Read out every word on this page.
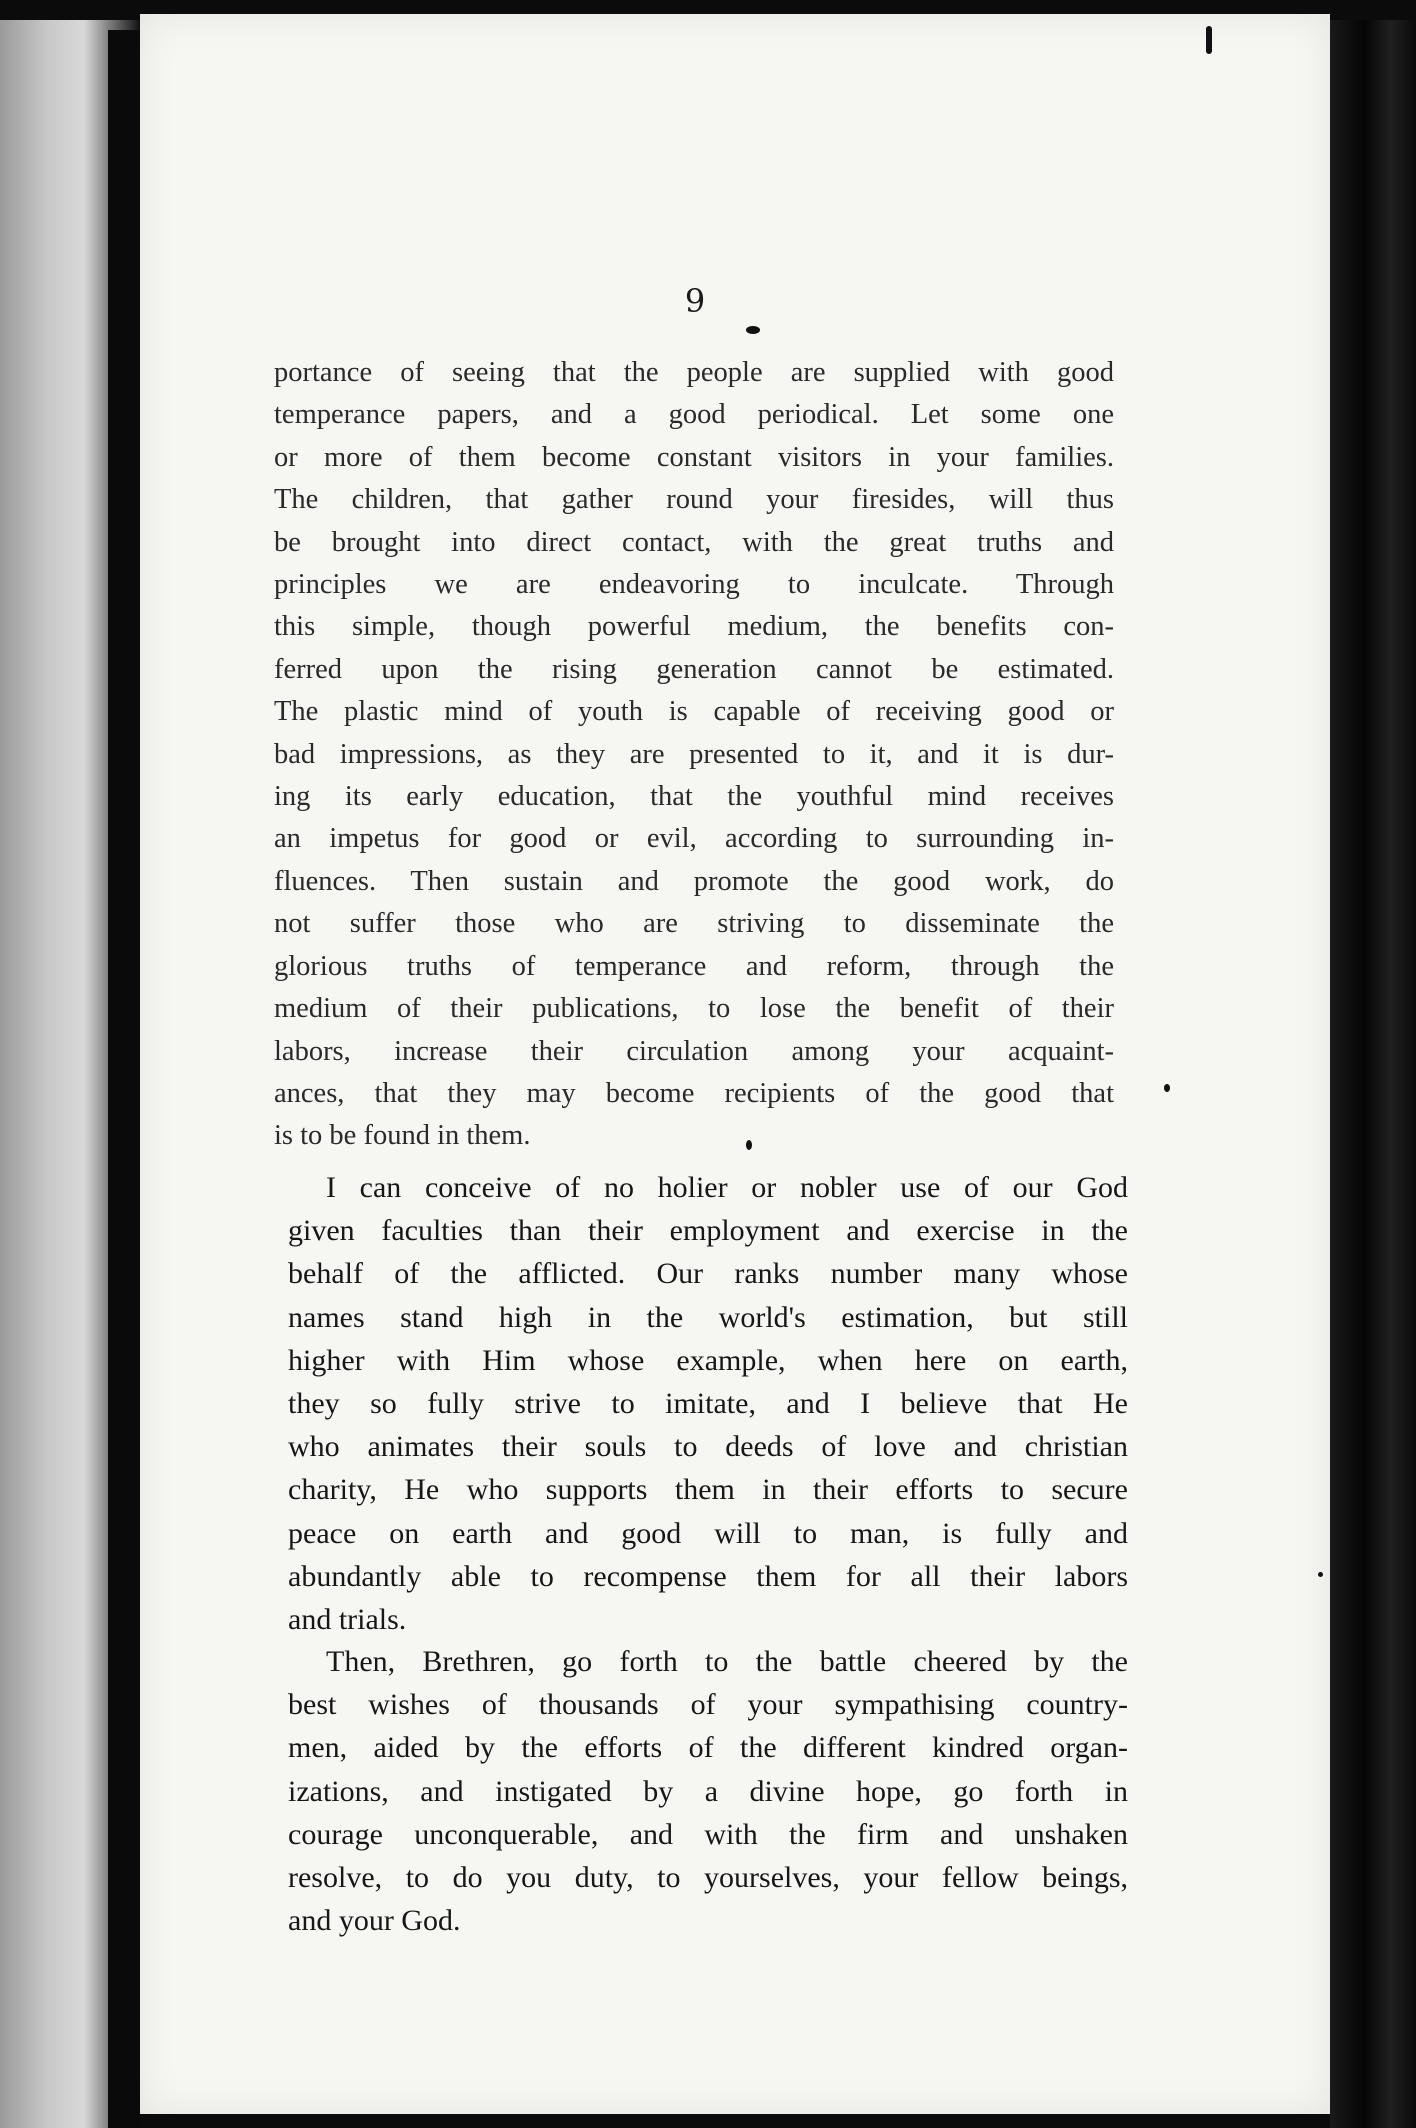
9
portance of seeing that the people are supplied with good
temperance papers, and a good periodical. Let some one
or more of them become constant visitors in your families.
The children, that gather round your firesides, will thus
be brought into direct contact, with the great truths and
principles we are endeavoring to inculcate. Through
this simple, though powerful medium, the benefits con-
ferred upon the rising generation cannot be estimated.
The plastic mind of youth is capable of receiving good or
bad impressions, as they are presented to it, and it is dur-
ing its early education, that the youthful mind receives
an impetus for good or evil, according to surrounding in-
fluences. Then sustain and promote the good work, do
not suffer those who are striving to disseminate the
glorious truths of temperance and reform, through the
medium of their publications, to lose the benefit of their
labors, increase their circulation among your acquaint-
ances, that they may become recipients of the good that
is to be found in them.
I can conceive of no holier or nobler use of our God
given faculties than their employment and exercise in the
behalf of the afflicted. Our ranks number many whose
names stand high in the world's estimation, but still
higher with Him whose example, when here on earth,
they so fully strive to imitate, and I believe that He
who animates their souls to deeds of love and christian
charity, He who supports them in their efforts to secure
peace on earth and good will to man, is fully and
abundantly able to recompense them for all their labors
and trials.
Then, Brethren, go forth to the battle cheered by the
best wishes of thousands of your sympathising country-
men, aided by the efforts of the different kindred organ-
izations, and instigated by a divine hope, go forth in
courage unconquerable, and with the firm and unshaken
resolve, to do you duty, to yourselves, your fellow beings,
and your God.
